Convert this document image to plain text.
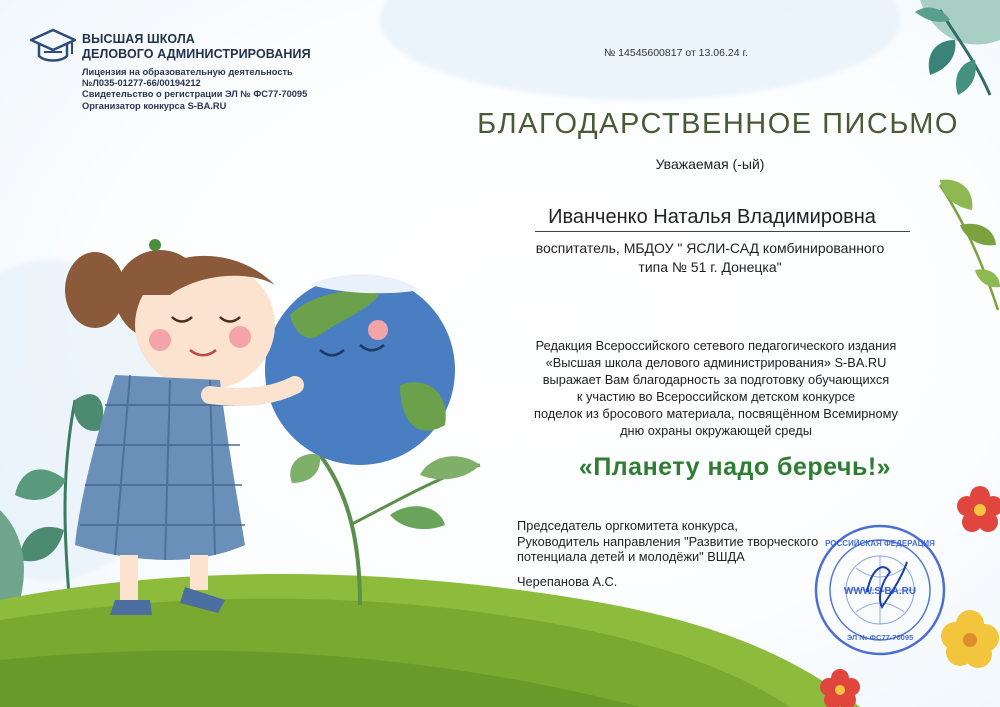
ВЫСШАЯ ШКОЛА
ДЕЛОВОГО АДМИНИСТРИРОВАНИЯ
Лицензия на образовательную деятельность
№Л035-01277-66/00194212
Свидетельство о регистрации ЭЛ № ФС77-70095
Организатор конкурса S-BA.RU
№ 14545600817 от 13.06.24 г.
БЛАГОДАРСТВЕННОЕ ПИСЬМО
Уважаемая (-ый)
Иванченко Наталья Владимировна
воспитатель, МБДОУ " ЯСЛИ-САД комбинированного
типа № 51 г. Донецка"
Редакция Всероссийского сетевого педагогического издания
«Высшая школа делового администрирования» S-BA.RU
выражает Вам благодарность за подготовку обучающихся
к участию во Всероссийском детском конкурсе
поделок из бросового материала, посвящённом Всемирному
дню охраны окружающей среды
«Планету надо беречь!»
Председатель оргкомитета конкурса,
Руководитель направления "Развитие творческого
потенциала детей и молодёжи" ВШДА
Черепанова А.С.
РОССИЙСКАЯ ФЕДЕРАЦИЯ
WWW.S-BA.RU
ЭЛ № ФС77-70095
